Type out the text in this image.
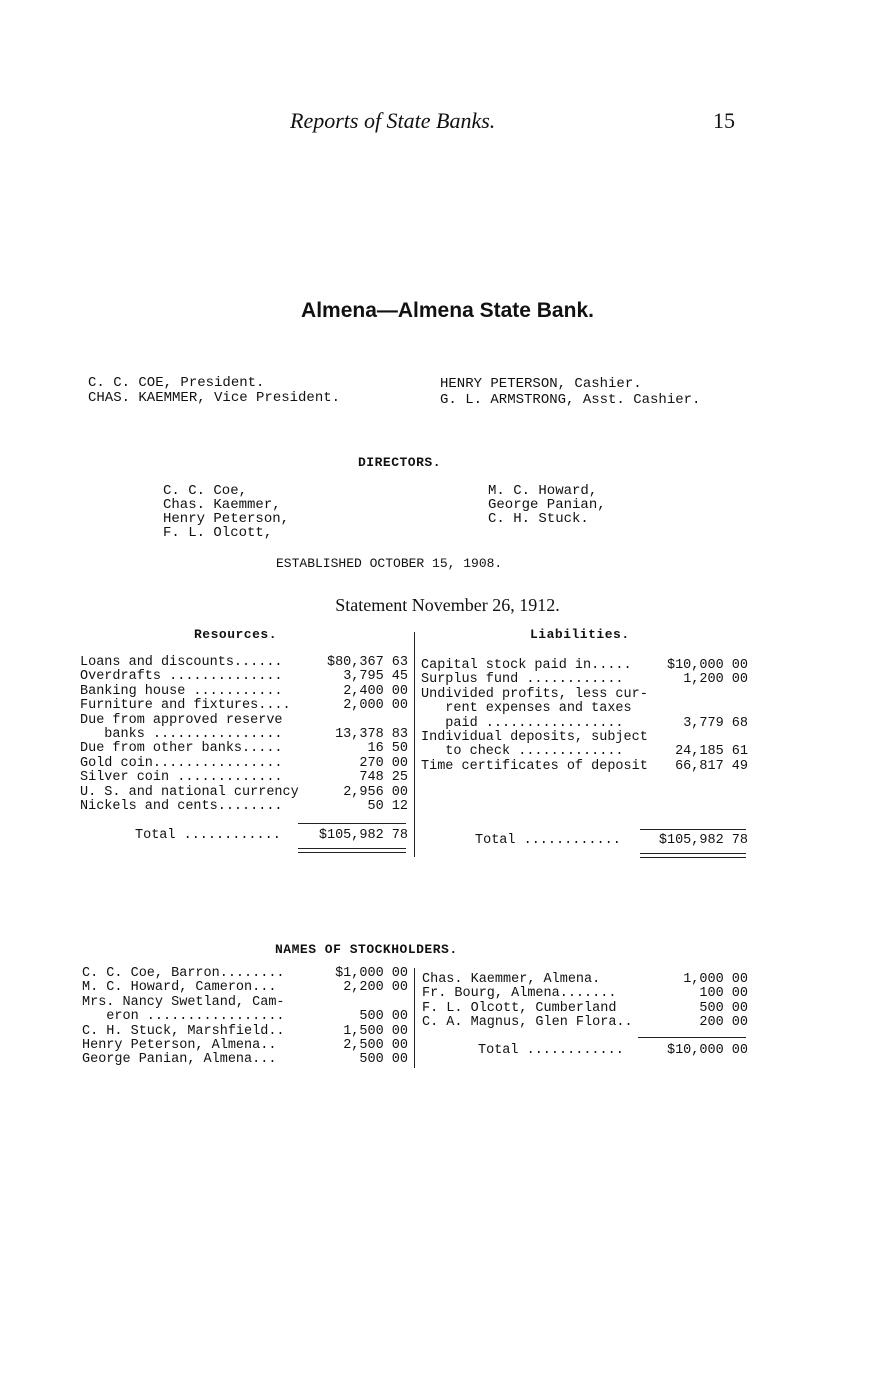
Reports of State Banks.	15
Almena—Almena State Bank.
C. C. COE, President.
CHAS. KAEMMER, Vice President.
HENRY PETERSON, Cashier.
G. L. ARMSTRONG, Asst. Cashier.
DIRECTORS.
C. C. Coe,
Chas. Kaemmer,
Henry Peterson,
F. L. Olcott,
M. C. Howard,
George Panian,
C. H. Stuck.
ESTABLISHED OCTOBER 15, 1908.
Statement November 26, 1912.
Resources.	Liabilities.
Loans and discounts......	$80,367 63
Overdrafts ..............	3,795 45
Banking house ...........	2,400 00
Furniture and fixtures....	2,000 00
Due from approved reserve
banks ................	13,378 83
Due from other banks.....	16 50
Gold coin................	270 00
Silver coin .............	748 25
U. S. and national currency	2,956 00
Nickels and cents........	50 12
Capital stock paid in.....	$10,000 00
Surplus fund ............	1,200 00
Undivided profits, less cur-
rent expenses and taxes
paid .................	3,779 68
Individual deposits, subject
to check .............	24,185 61
Time certificates of deposit	66,817 49
Total ............	$105,982 78	Total ............	$105,982 78
NAMES OF STOCKHOLDERS.
C. C. Coe, Barron........	$1,000 00
M. C. Howard, Cameron...	2,200 00
Mrs. Nancy Swetland, Cam-
eron .................	500 00
C. H. Stuck, Marshfield..	1,500 00
Henry Peterson, Almena..	2,500 00
George Panian, Almena...	500 00
Chas. Kaemmer, Almena.	1,000 00
Fr. Bourg, Almena.......	100 00
F. L. Olcott, Cumberland	500 00
C. A. Magnus, Glen Flora..	200 00
Total ............	$10,000 00
